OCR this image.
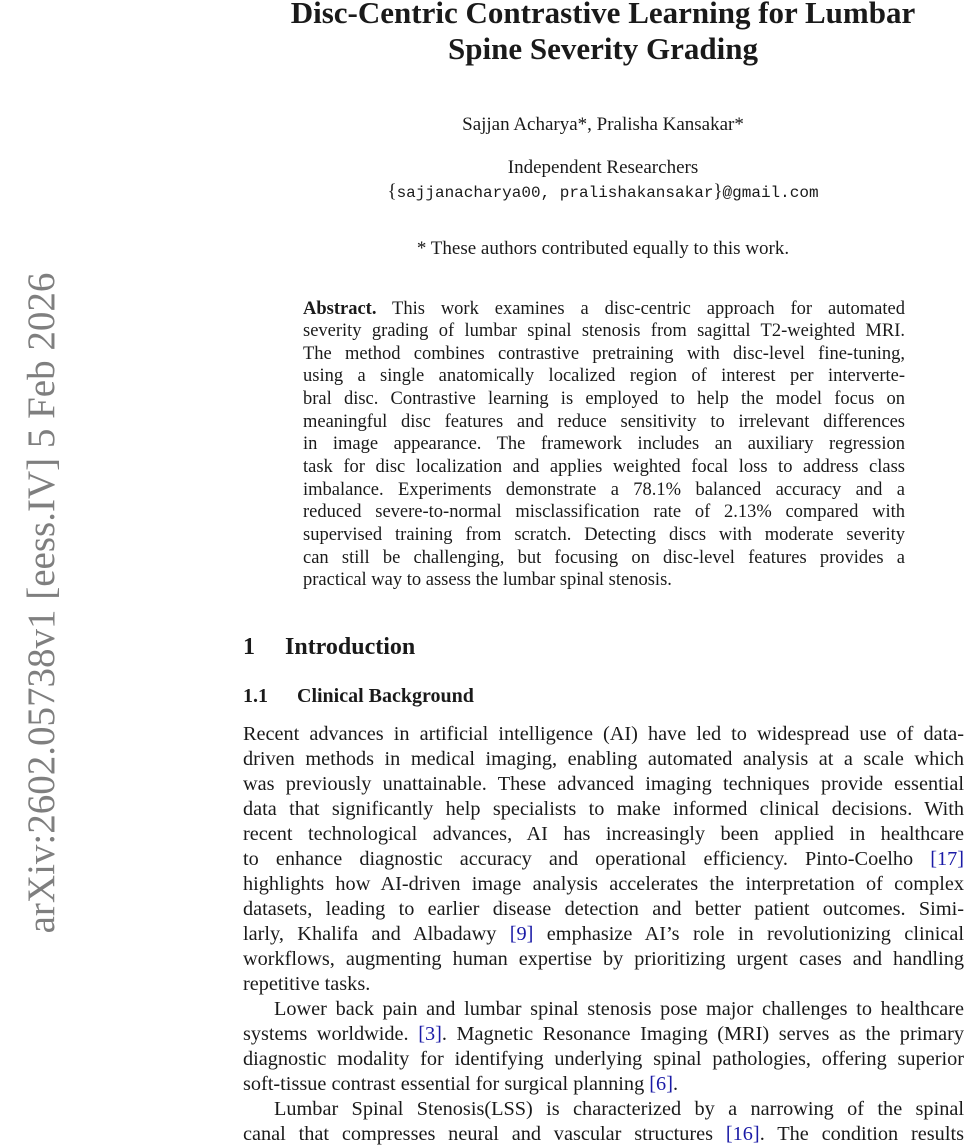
arXiv:2602.05738v1 [eess.IV] 5 Feb 2026
Disc-Centric Contrastive Learning for Lumbar
Spine Severity Grading
Sajjan Acharya*, Pralisha Kansakar*
Independent Researchers
{sajjanacharya00, pralishakansakar}@gmail.com
* These authors contributed equally to this work.
Abstract. This work examines a disc-centric approach for automated
severity grading of lumbar spinal stenosis from sagittal T2-weighted MRI.
The method combines contrastive pretraining with disc-level fine-tuning,
using a single anatomically localized region of interest per interverte-
bral disc. Contrastive learning is employed to help the model focus on
meaningful disc features and reduce sensitivity to irrelevant differences
in image appearance. The framework includes an auxiliary regression
task for disc localization and applies weighted focal loss to address class
imbalance. Experiments demonstrate a 78.1% balanced accuracy and a
reduced severe-to-normal misclassification rate of 2.13% compared with
supervised training from scratch. Detecting discs with moderate severity
can still be challenging, but focusing on disc-level features provides a
practical way to assess the lumbar spinal stenosis.
1 Introduction
1.1 Clinical Background
Recent advances in artificial intelligence (AI) have led to widespread use of data-
driven methods in medical imaging, enabling automated analysis at a scale which
was previously unattainable. These advanced imaging techniques provide essential
data that significantly help specialists to make informed clinical decisions. With
recent technological advances, AI has increasingly been applied in healthcare
to enhance diagnostic accuracy and operational efficiency. Pinto-Coelho [17]
highlights how AI-driven image analysis accelerates the interpretation of complex
datasets, leading to earlier disease detection and better patient outcomes. Simi-
larly, Khalifa and Albadawy [9] emphasize AI’s role in revolutionizing clinical
workflows, augmenting human expertise by prioritizing urgent cases and handling
repetitive tasks.
Lower back pain and lumbar spinal stenosis pose major challenges to healthcare
systems worldwide. [3]. Magnetic Resonance Imaging (MRI) serves as the primary
diagnostic modality for identifying underlying spinal pathologies, offering superior
soft-tissue contrast essential for surgical planning [6].
Lumbar Spinal Stenosis(LSS) is characterized by a narrowing of the spinal
canal that compresses neural and vascular structures [16]. The condition results
